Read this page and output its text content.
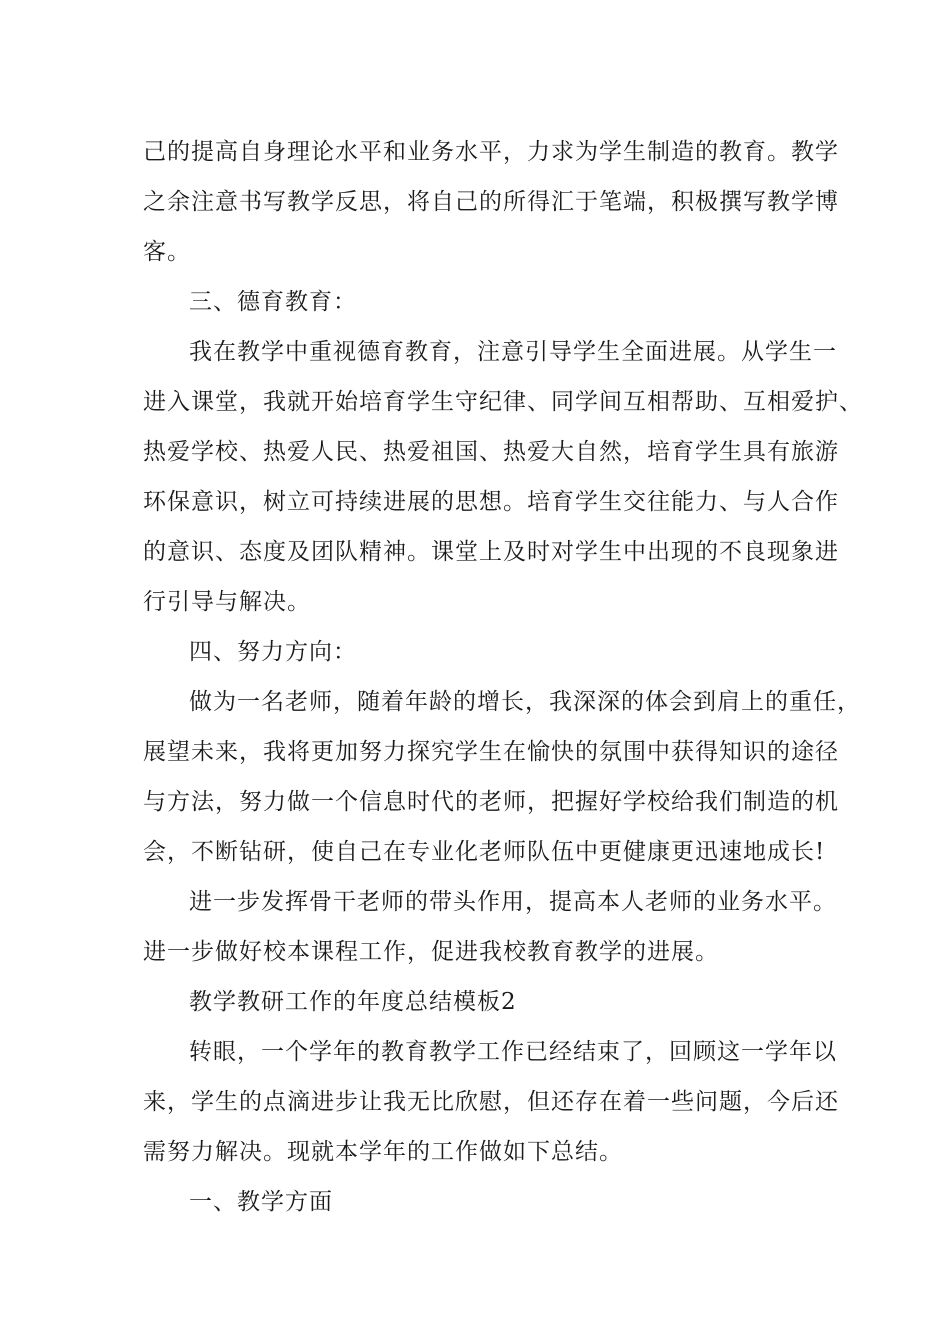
己的提高自身理论水平和业务水平，力求为学生制造的教育。教学
之余注意书写教学反思，将自己的所得汇于笔端，积极撰写教学博
客。
三、德育教育：
我在教学中重视德育教育，注意引导学生全面进展。从学生一
进入课堂，我就开始培育学生守纪律、同学间互相帮助、互相爱护、
热爱学校、热爱人民、热爱祖国、热爱大自然，培育学生具有旅游
环保意识，树立可持续进展的思想。培育学生交往能力、与人合作
的意识、态度及团队精神。课堂上及时对学生中出现的不良现象进
行引导与解决。
四、努力方向：
做为一名老师，随着年龄的增长，我深深的体会到肩上的重任，
展望未来，我将更加努力探究学生在愉快的氛围中获得知识的途径
与方法，努力做一个信息时代的老师，把握好学校给我们制造的机
会，不断钻研，使自己在专业化老师队伍中更健康更迅速地成长!
进一步发挥骨干老师的带头作用，提高本人老师的业务水平。
进一步做好校本课程工作，促进我校教育教学的进展。
教学教研工作的年度总结模板2
转眼，一个学年的教育教学工作已经结束了，回顾这一学年以
来，学生的点滴进步让我无比欣慰，但还存在着一些问题，今后还
需努力解决。现就本学年的工作做如下总结。
一、教学方面
